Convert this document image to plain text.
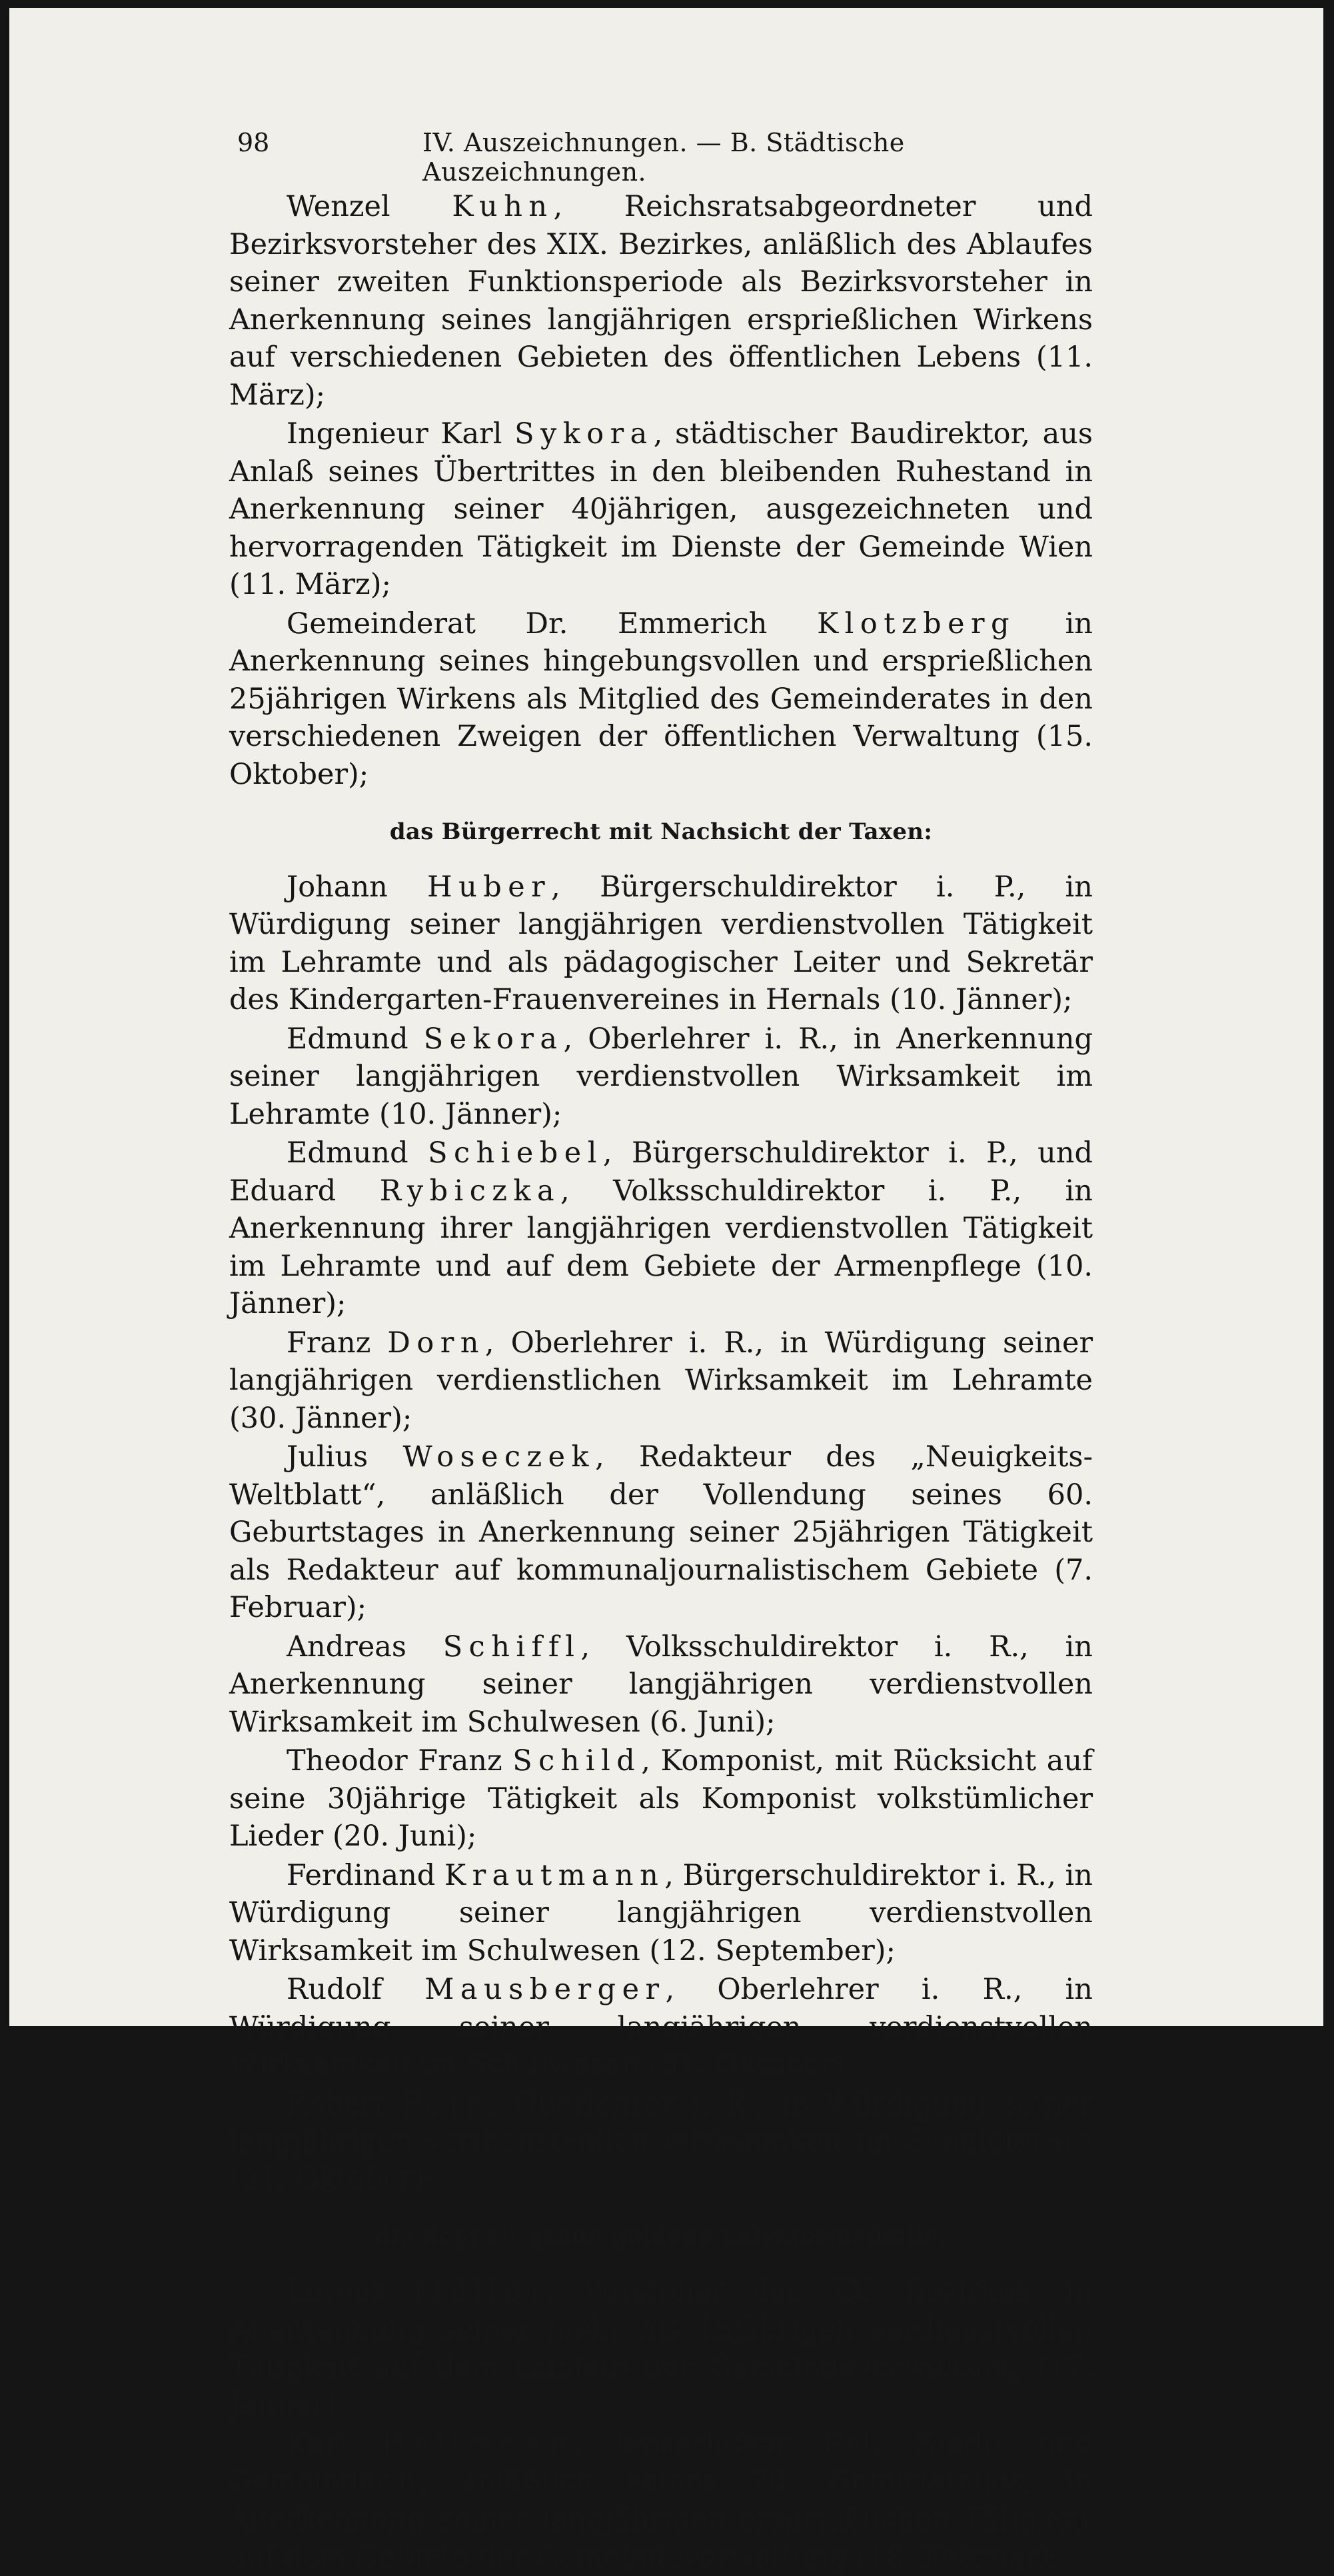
98	IV. Auszeichnungen. — B. Städtische Auszeichnungen.

Wenzel Kuhn, Reichsratsabgeordneter und Bezirksvorsteher des XIX. Bezirkes, anläßlich des Ablaufes seiner zweiten Funktionsperiode als Bezirksvorsteher in Anerkennung seines langjährigen ersprießlichen Wirkens auf verschiedenen Gebieten des öffentlichen Lebens (11. März);

Ingenieur Karl Sykora, städtischer Baudirektor, aus Anlaß seines Übertrittes in den bleibenden Ruhestand in Anerkennung seiner 40jährigen, ausgezeichneten und hervorragenden Tätigkeit im Dienste der Gemeinde Wien (11. März);

Gemeinderat Dr. Emmerich Klotzberg in Anerkennung seines hingebungsvollen und ersprießlichen 25jährigen Wirkens als Mitglied des Gemeinderates in den verschiedenen Zweigen der öffentlichen Verwaltung (15. Oktober);

das Bürgerrecht mit Nachsicht der Taxen:

Johann Huber, Bürgerschuldirektor i. P., in Würdigung seiner langjährigen verdienstvollen Tätigkeit im Lehramte und als pädagogischer Leiter und Sekretär des Kindergarten-Frauenvereines in Hernals (10. Jänner);

Edmund Sekora, Oberlehrer i. R., in Anerkennung seiner langjährigen verdienstvollen Wirksamkeit im Lehramte (10. Jänner);

Edmund Schiebel, Bürgerschuldirektor i. P., und Eduard Rybiczka, Volksschuldirektor i. P., in Anerkennung ihrer langjährigen verdienstvollen Tätigkeit im Lehramte und auf dem Gebiete der Armenpflege (10. Jänner);

Franz Dorn, Oberlehrer i. R., in Würdigung seiner langjährigen verdienstlichen Wirksamkeit im Lehramte (30. Jänner);

Julius Woseczek, Redakteur des „Neuigkeits-Weltblatt“, anläßlich der Vollendung seines 60. Geburtstages in Anerkennung seiner 25jährigen Tätigkeit als Redakteur auf kommunaljournalistischem Gebiete (7. Februar);

Andreas Schiffl, Volksschuldirektor i. R., in Anerkennung seiner langjährigen verdienstvollen Wirksamkeit im Schulwesen (6. Juni);

Theodor Franz Schild, Komponist, mit Rücksicht auf seine 30jährige Tätigkeit als Komponist volkstümlicher Lieder (20. Juni);

Ferdinand Krautmann, Bürgerschuldirektor i. R., in Würdigung seiner langjährigen verdienstvollen Wirksamkeit im Schulwesen (12. September);

Rudolf Mausberger, Oberlehrer i. R., in Würdigung seiner langjährigen verdienstvollen Wirksamkeit im Schulwesen (31. Oktober);

Robert Petz, Oberlehrer i. R., in Würdigung seiner langjährigen verdienstvollen Wirksamkeit im Schuldienste (31. Oktober);

die doppelt große goldene Salvatormedaille:

Lorenz Müller, Vorsteher des XX. Bezirkes, in Anerkennung seiner mehr als 15jährigen verdienstvollen Tätigkeit auf dem Gebiete der Gemeindeverwaltung (17. Jänner);

Karl Hallmann, kaiserlicher Rat, Stadt- und Gemeinderat, anläßlich seines 70. Geburtstages, in Anerkennung seiner langjährigen ersprießlichen Tätigkeit auf dem Gebiete der Gemeindeverwaltung (18. Februar);
